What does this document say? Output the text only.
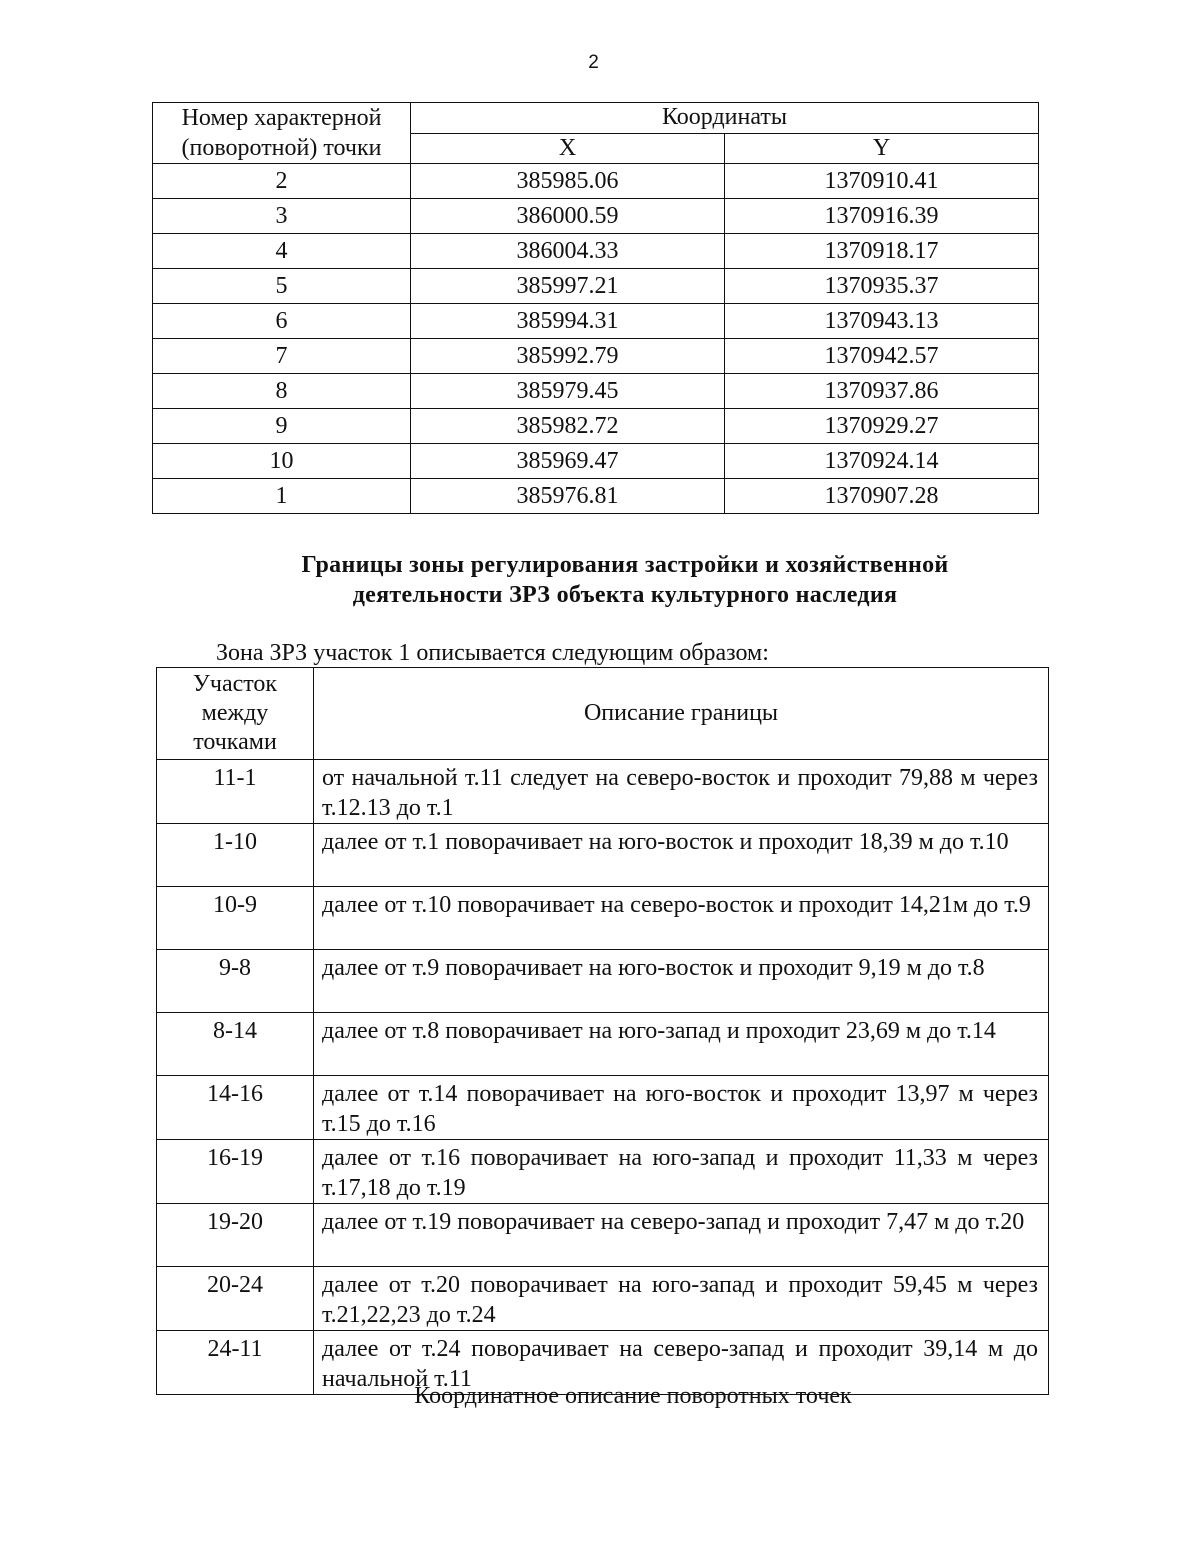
2
Номер характерной
(поворотной) точки	Координаты	
	X	Y
2	385985.06	1370910.41
3	386000.59	1370916.39
4	386004.33	1370918.17
5	385997.21	1370935.37
6	385994.31	1370943.13
7	385992.79	1370942.57
8	385979.45	1370937.86
9	385982.72	1370929.27
10	385969.47	1370924.14
1	385976.81	1370907.28
Границы зоны регулирования застройки и хозяйственной
деятельности ЗРЗ объекта культурного наследия
Зона ЗРЗ участок 1 описывается следующим образом:
Участок
между
точками	Описание границы
11-1	от начальной т.11 следует на северо-восток и проходит 79,88 м через т.12.13 до т.1
1-10	далее от т.1 поворачивает на юго-восток и проходит 18,39 м до т.10
10-9	далее от т.10 поворачивает на северо-восток и проходит 14,21м до т.9
9-8	далее от т.9 поворачивает на юго-восток и проходит 9,19 м до т.8
8-14	далее от т.8 поворачивает на юго-запад и проходит 23,69 м до т.14
14-16	далее от т.14 поворачивает на юго-восток и проходит 13,97 м через т.15 до т.16
16-19	далее от т.16 поворачивает на юго-запад и проходит 11,33 м через т.17,18 до т.19
19-20	далее от т.19 поворачивает на северо-запад и проходит 7,47 м до т.20
20-24	далее от т.20 поворачивает на юго-запад и проходит 59,45 м через т.21,22,23 до т.24
24-11	далее от т.24 поворачивает на северо-запад и проходит 39,14 м до начальной т.11
Координатное описание поворотных точек
